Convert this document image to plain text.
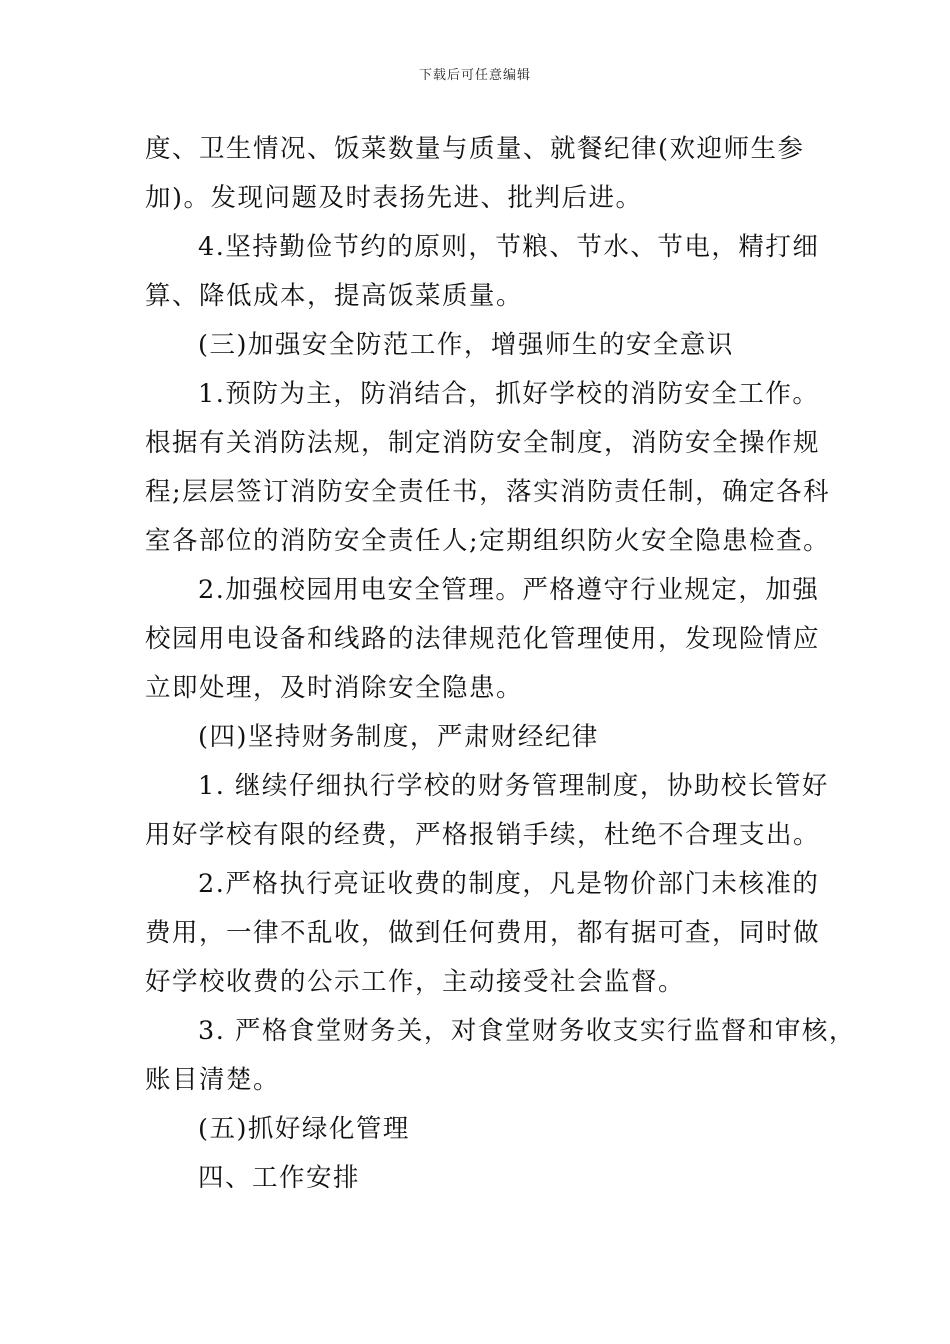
下载后可任意编辑
度、卫生情况、饭菜数量与质量、就餐纪律(欢迎师生参
加)。发现问题及时表扬先进、批判后进。
4.坚持勤俭节约的原则，节粮、节水、节电，精打细
算、降低成本，提高饭菜质量。
(三)加强安全防范工作，增强师生的安全意识
1.预防为主，防消结合，抓好学校的消防安全工作。
根据有关消防法规，制定消防安全制度，消防安全操作规
程;层层签订消防安全责任书，落实消防责任制，确定各科
室各部位的消防安全责任人;定期组织防火安全隐患检查。
2.加强校园用电安全管理。严格遵守行业规定，加强
校园用电设备和线路的法律规范化管理使用，发现险情应
立即处理，及时消除安全隐患。
(四)坚持财务制度，严肃财经纪律
1. 继续仔细执行学校的财务管理制度，协助校长管好
用好学校有限的经费，严格报销手续，杜绝不合理支出。
2.严格执行亮证收费的制度，凡是物价部门未核准的
费用，一律不乱收，做到任何费用，都有据可查，同时做
好学校收费的公示工作，主动接受社会监督。
3. 严格食堂财务关，对食堂财务收支实行监督和审核，
账目清楚。
(五)抓好绿化管理
四、工作安排
